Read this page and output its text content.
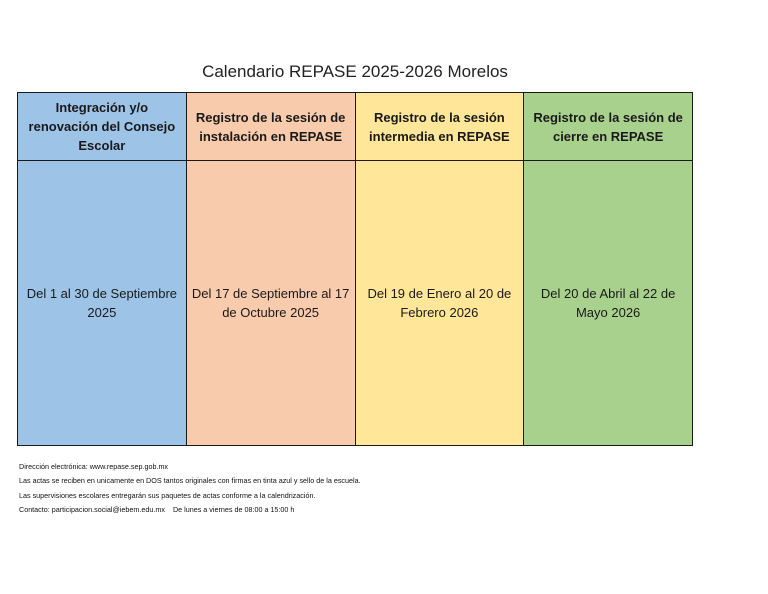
Calendario REPASE 2025-2026 Morelos
Integración y/o renovación del Consejo Escolar	Registro de la sesión de instalación en REPASE	Registro de la sesión intermedia en REPASE	Registro de la sesión de cierre en REPASE
Del 1 al 30 de Septiembre 2025	Del 17 de Septiembre al 17 de Octubre 2025	Del 19 de Enero al 20 de Febrero 2026	Del 20 de Abril al 22 de Mayo 2026
Dirección electrónica: www.repase.sep.gob.mx
Las actas se reciben en unicamente en DOS tantos originales con firmas en tinta azul y sello de la escuela.
Las supervisiones escolares entregarán sus paquetes de actas conforme a la calendrización.
Contacto: participacion.social@iebem.edu.mx De lunes a viernes de 08:00 a 15:00 h
